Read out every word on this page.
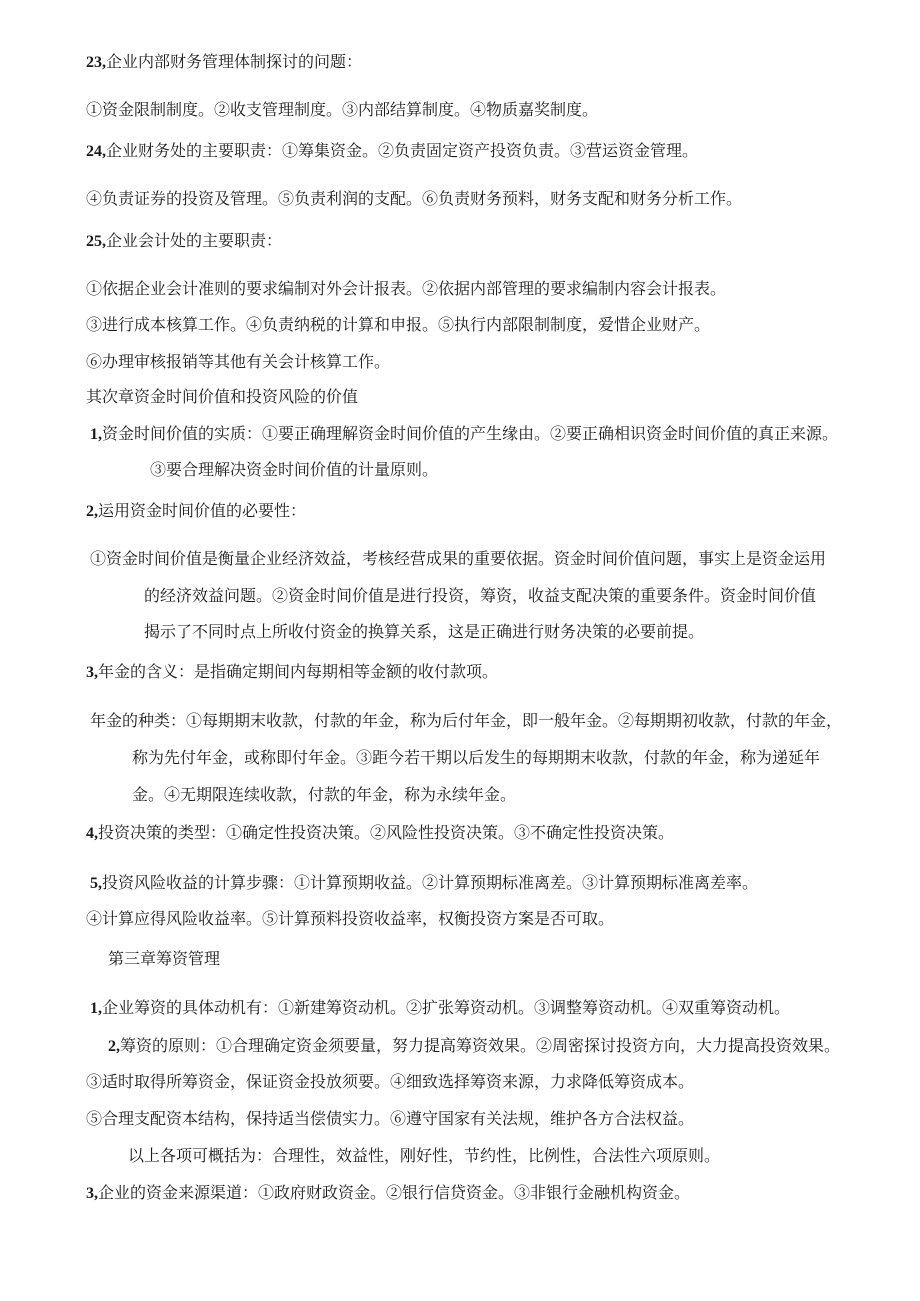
23,企业内部财务管理体制探讨的问题：
①资金限制制度。②收支管理制度。③内部结算制度。④物质嘉奖制度。
24,企业财务处的主要职责：①筹集资金。②负责固定资产投资负责。③营运资金管理。
④负责证券的投资及管理。⑤负责利润的支配。⑥负责财务预料，财务支配和财务分析工作。
25,企业会计处的主要职责：
①依据企业会计准则的要求编制对外会计报表。②依据内部管理的要求编制内容会计报表。
③进行成本核算工作。④负责纳税的计算和申报。⑤执行内部限制制度，爱惜企业财产。
⑥办理审核报销等其他有关会计核算工作。
其次章资金时间价值和投资风险的价值
1,资金时间价值的实质：①要正确理解资金时间价值的产生缘由。②要正确相识资金时间价值的真正来源。
③要合理解决资金时间价值的计量原则。
2,运用资金时间价值的必要性：
①资金时间价值是衡量企业经济效益，考核经营成果的重要依据。资金时间价值问题，事实上是资金运用
的经济效益问题。②资金时间价值是进行投资，筹资，收益支配决策的重要条件。资金时间价值
揭示了不同时点上所收付资金的换算关系，这是正确进行财务决策的必要前提。
3,年金的含义：是指确定期间内每期相等金额的收付款项。
年金的种类：①每期期末收款，付款的年金，称为后付年金，即一般年金。②每期期初收款，付款的年金，
称为先付年金，或称即付年金。③距今若干期以后发生的每期期末收款，付款的年金，称为递延年
金。④无期限连续收款，付款的年金，称为永续年金。
4,投资决策的类型：①确定性投资决策。②风险性投资决策。③不确定性投资决策。
5,投资风险收益的计算步骤：①计算预期收益。②计算预期标准离差。③计算预期标准离差率。
④计算应得风险收益率。⑤计算预料投资收益率，权衡投资方案是否可取。
第三章筹资管理
1,企业筹资的具体动机有：①新建筹资动机。②扩张筹资动机。③调整筹资动机。④双重筹资动机。
2,筹资的原则：①合理确定资金须要量，努力提高筹资效果。②周密探讨投资方向，大力提高投资效果。
③适时取得所筹资金，保证资金投放须要。④细致选择筹资来源，力求降低筹资成本。
⑤合理支配资本结构，保持适当偿债实力。⑥遵守国家有关法规，维护各方合法权益。
以上各项可概括为：合理性，效益性，刚好性，节约性，比例性，合法性六项原则。
3,企业的资金来源渠道：①政府财政资金。②银行信贷资金。③非银行金融机构资金。
